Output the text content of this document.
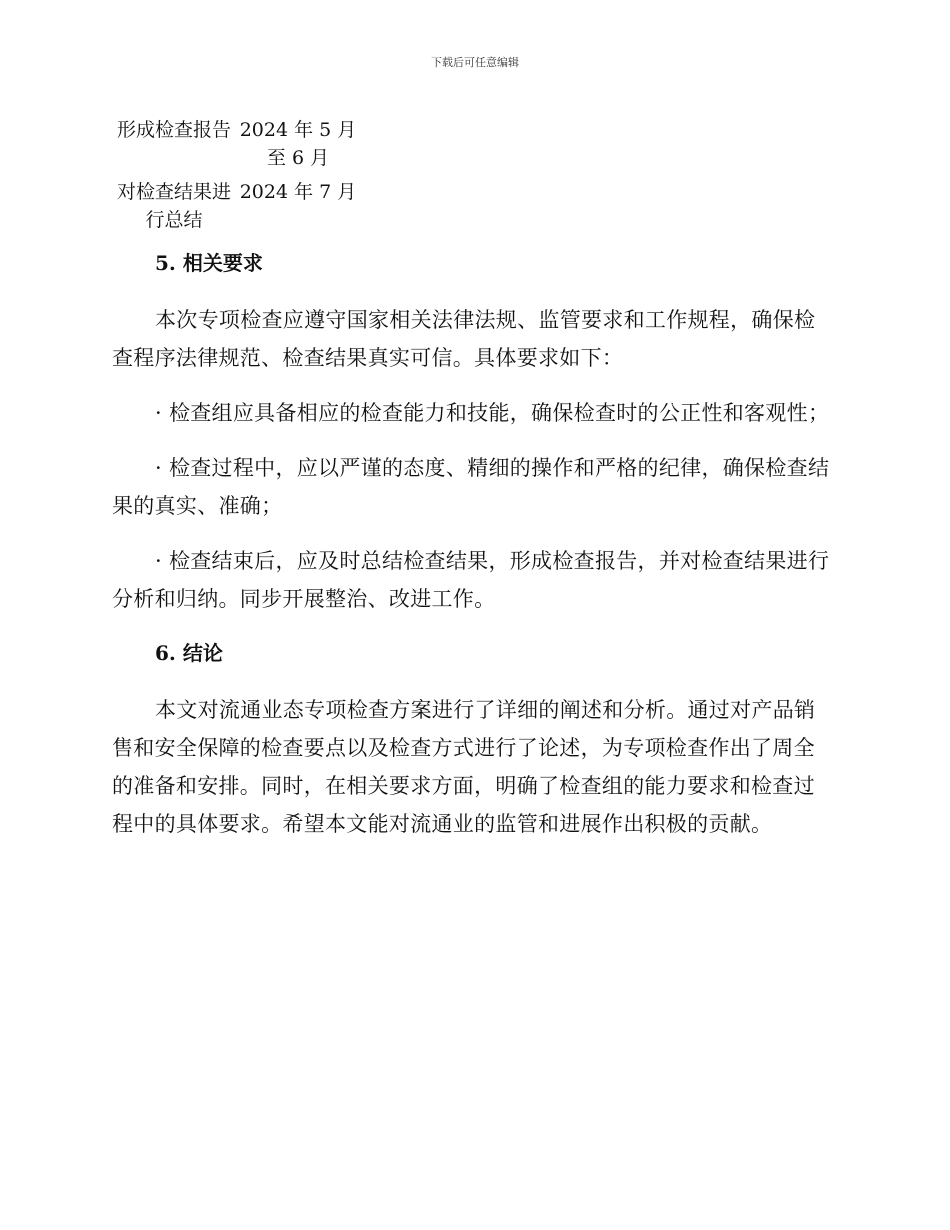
下载后可任意编辑
形成检查报告	2024 年 5 月至 6 月
对检查结果进行总结	2024 年 7 月
5. 相关要求

本次专项检查应遵守国家相关法律法规、监管要求和工作规程，确保检查程序法律规范、检查结果真实可信。具体要求如下：

· 检查组应具备相应的检查能力和技能，确保检查时的公正性和客观性；

· 检查过程中，应以严谨的态度、精细的操作和严格的纪律，确保检查结果的真实、准确；

· 检查结束后，应及时总结检查结果，形成检查报告，并对检查结果进行分析和归纳。同步开展整治、改进工作。

6. 结论

本文对流通业态专项检查方案进行了详细的阐述和分析。通过对产品销售和安全保障的检查要点以及检查方式进行了论述，为专项检查作出了周全的准备和安排。同时，在相关要求方面，明确了检查组的能力要求和检查过程中的具体要求。希望本文能对流通业的监管和进展作出积极的贡献。
